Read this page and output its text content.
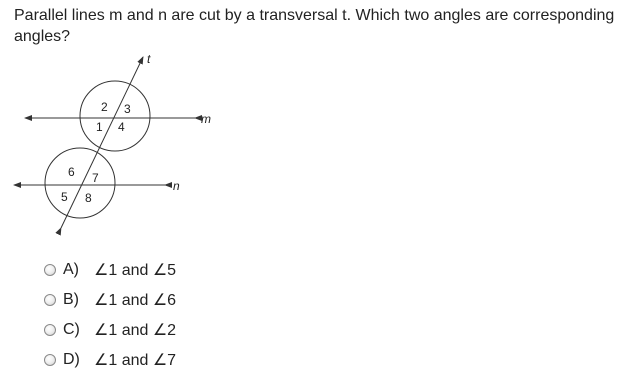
Parallel lines m and n are cut by a transversal t. Which two angles are corresponding angles?

t
m
n
2 3
1 4
6 7
5 8
A) ∠1 and ∠5
B) ∠1 and ∠6
C) ∠1 and ∠2
D) ∠1 and ∠7
